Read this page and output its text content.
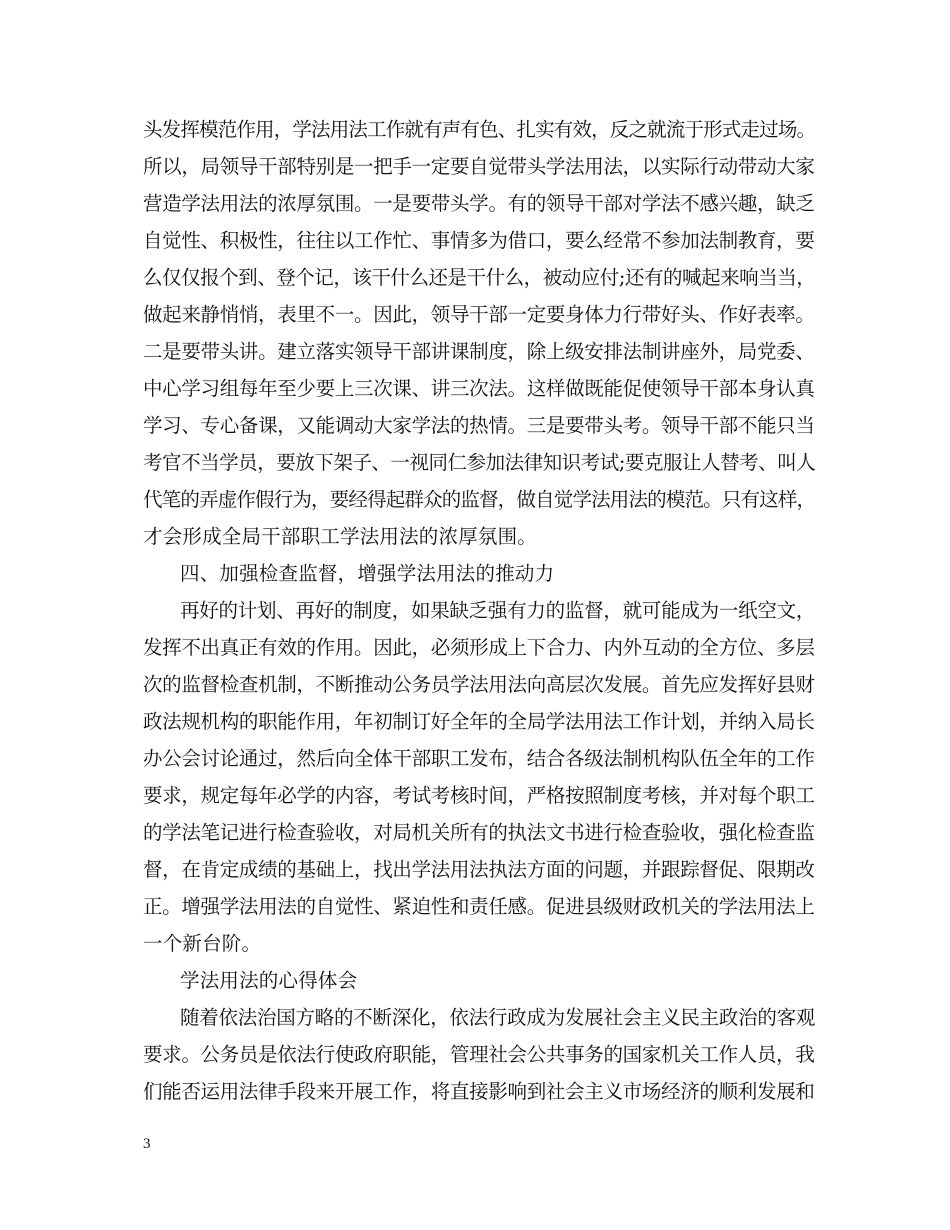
头发挥模范作用，学法用法工作就有声有色、扎实有效，反之就流于形式走过场。
所以，局领导干部特别是一把手一定要自觉带头学法用法，以实际行动带动大家
营造学法用法的浓厚氛围。一是要带头学。有的领导干部对学法不感兴趣，缺乏
自觉性、积极性，往往以工作忙、事情多为借口，要么经常不参加法制教育，要
么仅仅报个到、登个记，该干什么还是干什么，被动应付;还有的喊起来响当当，
做起来静悄悄，表里不一。因此，领导干部一定要身体力行带好头、作好表率。
二是要带头讲。建立落实领导干部讲课制度，除上级安排法制讲座外，局党委、
中心学习组每年至少要上三次课、讲三次法。这样做既能促使领导干部本身认真
学习、专心备课，又能调动大家学法的热情。三是要带头考。领导干部不能只当
考官不当学员，要放下架子、一视同仁参加法律知识考试;要克服让人替考、叫人
代笔的弄虚作假行为，要经得起群众的监督，做自觉学法用法的模范。只有这样，
才会形成全局干部职工学法用法的浓厚氛围。
四、加强检查监督，增强学法用法的推动力
再好的计划、再好的制度，如果缺乏强有力的监督，就可能成为一纸空文，
发挥不出真正有效的作用。因此，必须形成上下合力、内外互动的全方位、多层
次的监督检查机制，不断推动公务员学法用法向高层次发展。首先应发挥好县财
政法规机构的职能作用，年初制订好全年的全局学法用法工作计划，并纳入局长
办公会讨论通过，然后向全体干部职工发布，结合各级法制机构队伍全年的工作
要求，规定每年必学的内容，考试考核时间，严格按照制度考核，并对每个职工
的学法笔记进行检查验收，对局机关所有的执法文书进行检查验收，强化检查监
督，在肯定成绩的基础上，找出学法用法执法方面的问题，并跟踪督促、限期改
正。增强学法用法的自觉性、紧迫性和责任感。促进县级财政机关的学法用法上
一个新台阶。
学法用法的心得体会
随着依法治国方略的不断深化，依法行政成为发展社会主义民主政治的客观
要求。公务员是依法行使政府职能，管理社会公共事务的国家机关工作人员，我
们能否运用法律手段来开展工作，将直接影响到社会主义市场经济的顺利发展和
3
